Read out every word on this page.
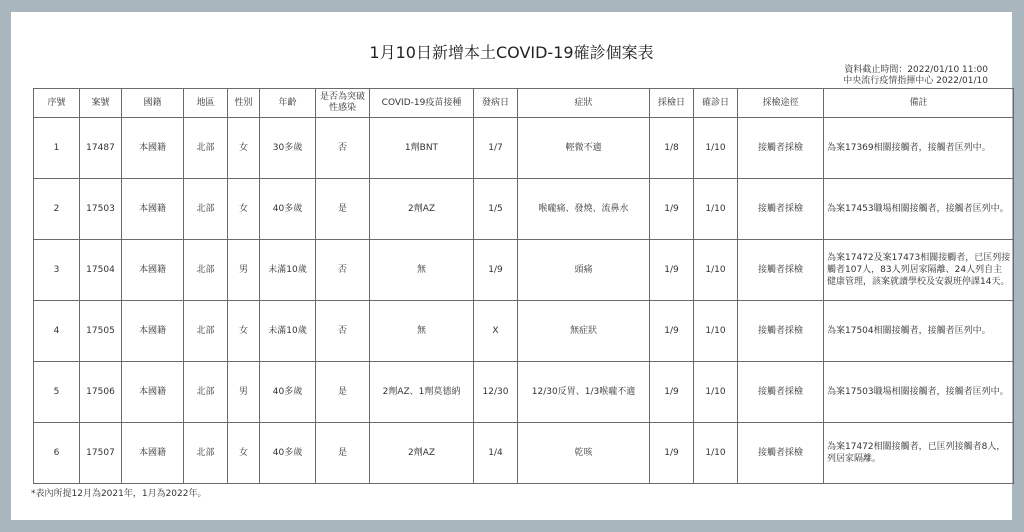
1月10日新增本土COVID-19確診個案表
資料截止時間：2022/01/10 11:00
中央流行疫情指揮中心 2022/01/10
序號	案號	國籍	地區	性別	年齡	是否為突破性感染	COVID-19疫苗接種	發病日	症狀	採檢日	確診日	採檢途徑	備註
1	17487	本國籍	北部	女	30多歲	否	1劑BNT	1/7	輕微不適	1/8	1/10	接觸者採檢	為案17369相關接觸者，接觸者匡列中。
2	17503	本國籍	北部	女	40多歲	是	2劑AZ	1/5	喉嚨痛、發燒、流鼻水	1/9	1/10	接觸者採檢	為案17453職場相關接觸者，接觸者匡列中。
3	17504	本國籍	北部	男	未滿10歲	否	無	1/9	頭痛	1/9	1/10	接觸者採檢	為案17472及案17473相關接觸者，已匡列接觸者107人，83人列居家隔離、24人列自主健康管理，該案就讀學校及安親班停課14天。
4	17505	本國籍	北部	女	未滿10歲	否	無	X	無症狀	1/9	1/10	接觸者採檢	為案17504相關接觸者，接觸者匡列中。
5	17506	本國籍	北部	男	40多歲	是	2劑AZ、1劑莫德納	12/30	12/30反胃、1/3喉嚨不適	1/9	1/10	接觸者採檢	為案17503職場相關接觸者，接觸者匡列中。
6	17507	本國籍	北部	女	40多歲	是	2劑AZ	1/4	乾咳	1/9	1/10	接觸者採檢	為案17472相關接觸者，已匡列接觸者8人，列居家隔離。
*表內所提12月為2021年，1月為2022年。
